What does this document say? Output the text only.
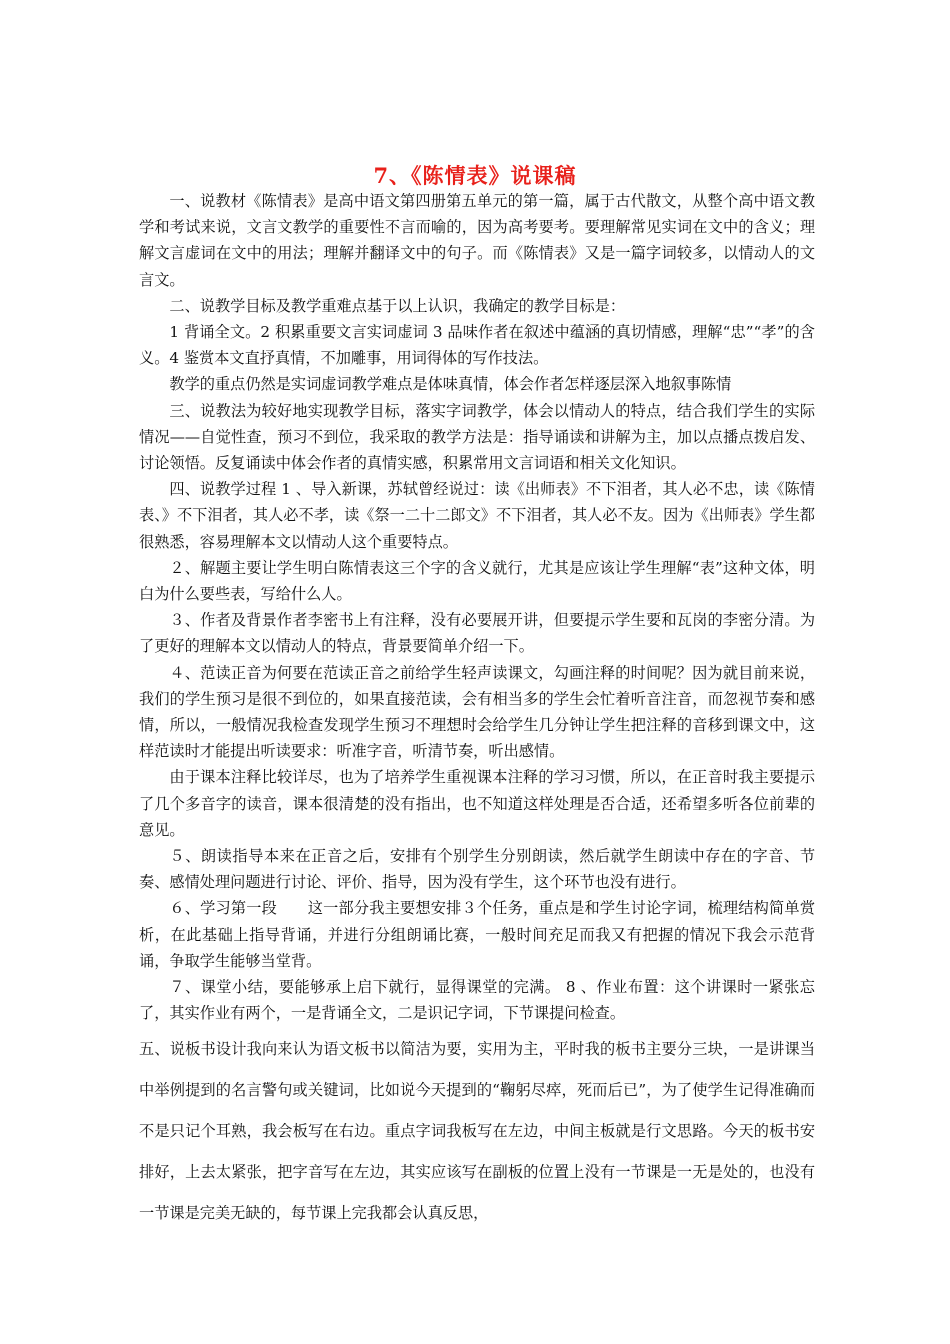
7、《陈情表》说课稿

一、说教材《陈情表》是高中语文第四册第五单元的第一篇，属于古代散文，从整个高中语文教学和考试来说，文言文教学的重要性不言而喻的，因为高考要考。要理解常见实词在文中的含义；理解文言虚词在文中的用法；理解并翻译文中的句子。而《陈情表》又是一篇字词较多，以情动人的文言文。

二、说教学目标及教学重难点基于以上认识，我确定的教学目标是：

1 背诵全文。2 积累重要文言实词虚词 3 品味作者在叙述中蕴涵的真切情感，理解“忠”“孝”的含义。4 鉴赏本文直抒真情，不加雕事，用词得体的写作技法。

教学的重点仍然是实词虚词教学难点是体味真情，体会作者怎样逐层深入地叙事陈情

三、说教法为较好地实现教学目标，落实字词教学，体会以情动人的特点，结合我们学生的实际情况——自觉性查，预习不到位，我采取的教学方法是：指导诵读和讲解为主，加以点播点拨启发、讨论领悟。反复诵读中体会作者的真情实感，积累常用文言词语和相关文化知识。

四、说教学过程 1 、导入新课，苏轼曾经说过：读《出师表》不下泪者，其人必不忠，读《陈情表、》不下泪者，其人必不孝，读《祭一二十二郎文》不下泪者，其人必不友。因为《出师表》学生都很熟悉，容易理解本文以情动人这个重要特点。

２、解题主要让学生明白陈情表这三个字的含义就行，尤其是应该让学生理解“表”这种文体，明白为什么要些表，写给什么人。

３、作者及背景作者李密书上有注释，没有必要展开讲，但要提示学生要和瓦岗的李密分清。为了更好的理解本文以情动人的特点，背景要简单介绍一下。

４、范读正音为何要在范读正音之前给学生轻声读课文，勾画注释的时间呢？因为就目前来说，我们的学生预习是很不到位的，如果直接范读，会有相当多的学生会忙着听音注音，而忽视节奏和感情，所以，一般情况我检查发现学生预习不理想时会给学生几分钟让学生把注释的音移到课文中，这样范读时才能提出听读要求：听准字音，听清节奏，听出感情。

由于课本注释比较详尽，也为了培养学生重视课本注释的学习习惯，所以，在正音时我主要提示了几个多音字的读音，课本很清楚的没有指出，也不知道这样处理是否合适，还希望多听各位前辈的意见。

５、朗读指导本来在正音之后，安排有个别学生分别朗读，然后就学生朗读中存在的字音、节奏、感情处理问题进行讨论、评价、指导，因为没有学生，这个环节也没有进行。

６、学习第一段　　这一部分我主要想安排３个任务，重点是和学生讨论字词，梳理结构简单赏析，在此基础上指导背诵，并进行分组朗诵比赛，一般时间充足而我又有把握的情况下我会示范背诵，争取学生能够当堂背。

７、课堂小结，要能够承上启下就行，显得课堂的完满。 8 、作业布置：这个讲课时一紧张忘了，其实作业有两个，一是背诵全文，二是识记字词，下节课提问检查。

五、说板书设计我向来认为语文板书以简洁为要，实用为主，平时我的板书主要分三块，一是讲课当中举例提到的名言警句或关键词，比如说今天提到的“鞠躬尽瘁，死而后已”，为了使学生记得准确而不是只记个耳熟，我会板写在右边。重点字词我板写在左边，中间主板就是行文思路。今天的板书安排好，上去太紧张，把字音写在左边，其实应该写在副板的位置上没有一节课是一无是处的，也没有一节课是完美无缺的，每节课上完我都会认真反思，
